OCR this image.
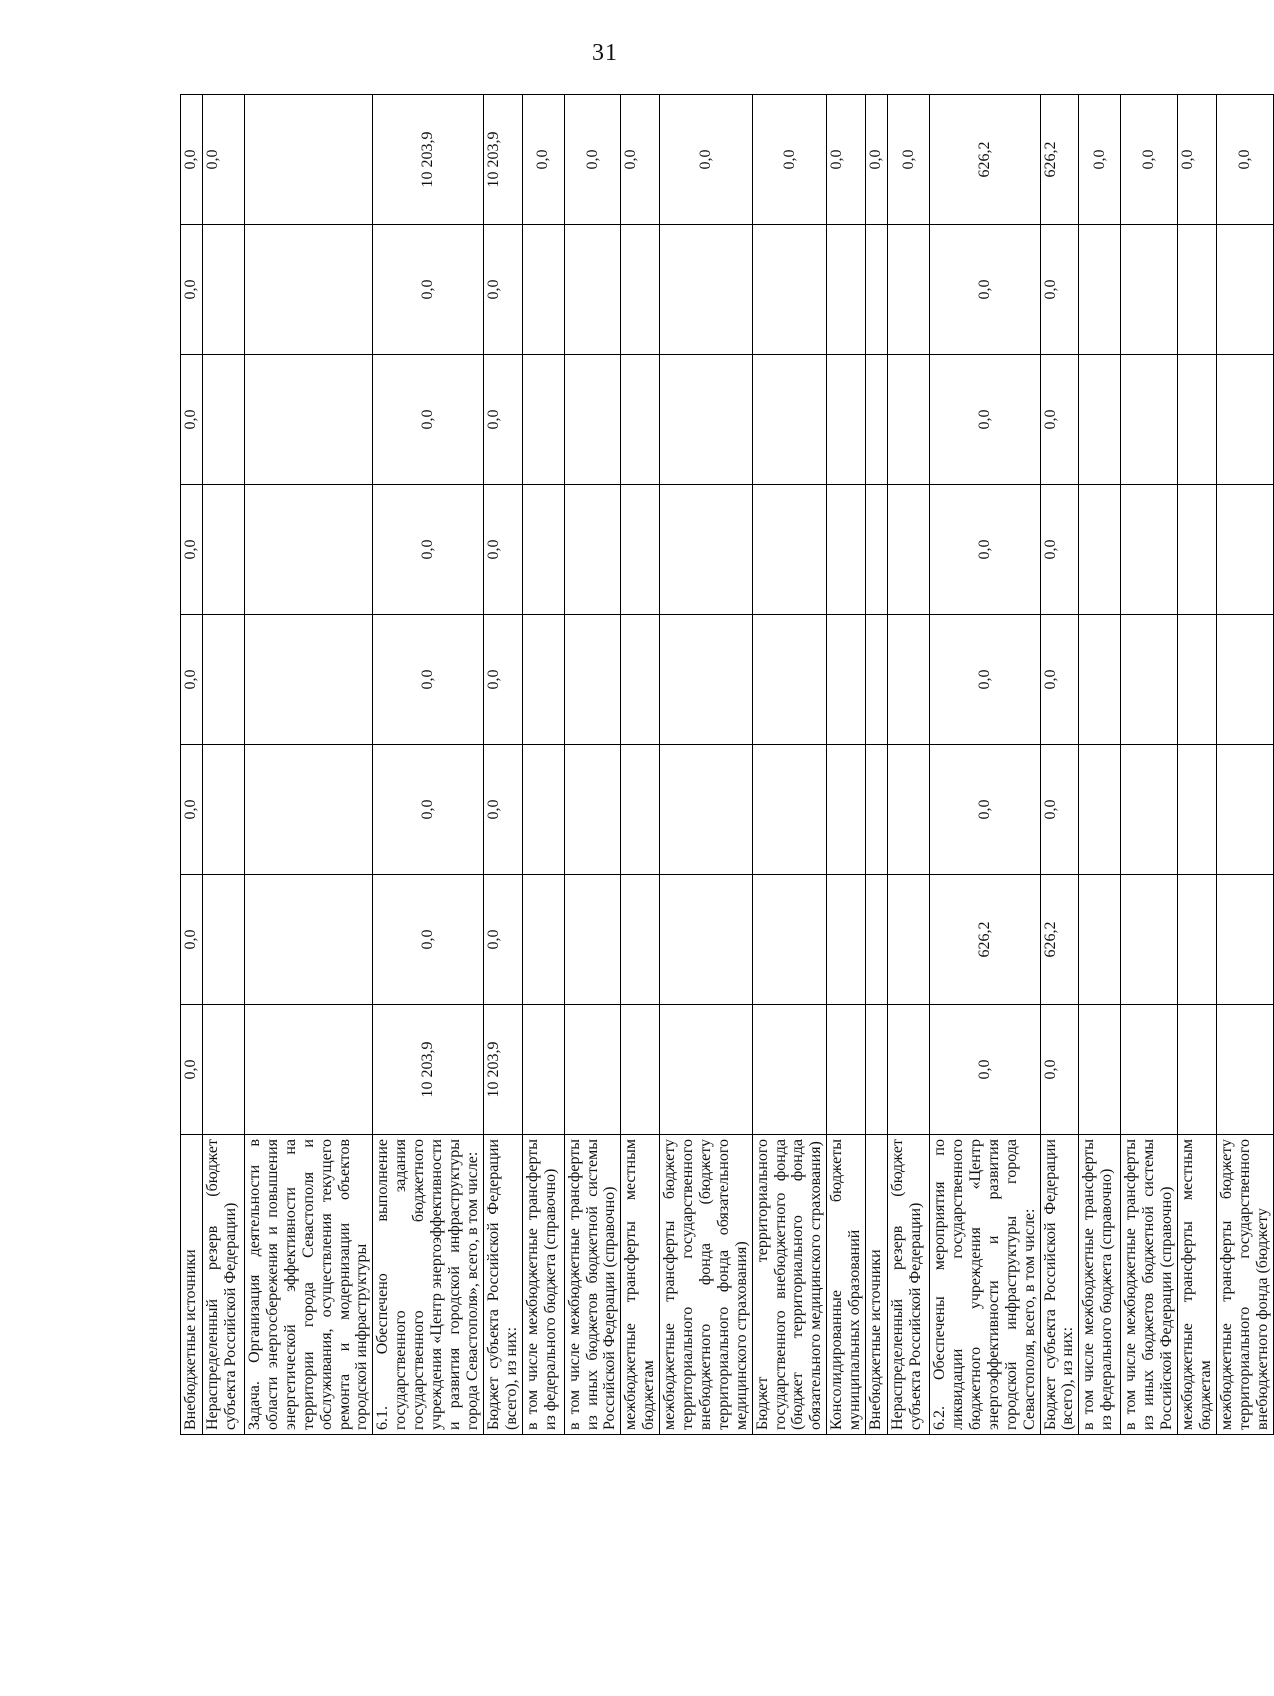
31
Внебюджетные источники	0,0	0,0	0,0	0,0	0,0	0,0	0,0	0,0
Нераспределенный резерв (бюджет субъекта Российской Федерации)								0,0
Задача. Организация деятельности в области энергосбережения и повышения энергетической эффективности на территории города Севастополя и обслуживания, осуществления текущего ремонта и модернизации объектов городской инфраструктуры								
6.1. Обеспечено выполнение государственного задания государственного бюджетного учреждения «Центр энергоэффективности и развития городской инфраструктуры города Севастополя», всего, в том числе:	10 203,9	0,0	0,0	0,0	0,0	0,0	0,0	10 203,9
Бюджет субъекта Российской Федерации (всего), из них:	10 203,9	0,0	0,0	0,0	0,0	0,0	0,0	10 203,9
в том числе межбюджетные трансферты из федерального бюджета (справочно)								0,0
в том числе межбюджетные трансферты из иных бюджетов бюджетной системы Российской Федерации (справочно)								0,0
межбюджетные трансферты местным бюджетам								0,0
межбюджетные трансферты бюджету территориального государственного внебюджетного фонда (бюджету территориального фонда обязательного медицинского страхования)								0,0
Бюджет территориального государственного внебюджетного фонда (бюджет территориального фонда обязательного медицинского страхования)								0,0
Консолидированные бюджеты муниципальных образований								0,0
Внебюджетные источники								0,0
Нераспределенный резерв (бюджет субъекта Российской Федерации)								0,0
6.2. Обеспечены мероприятия по ликвидации государственного бюджетного учреждения «Центр энергоэффективности и развития городской инфраструктуры города Севастополя, всего, в том числе:	0,0	626,2	0,0	0,0	0,0	0,0	0,0	626,2
Бюджет субъекта Российской Федерации (всего), из них:	0,0	626,2	0,0	0,0	0,0	0,0	0,0	626,2
в том числе межбюджетные трансферты из федерального бюджета (справочно)								0,0
в том числе межбюджетные трансферты из иных бюджетов бюджетной системы Российской Федерации (справочно)								0,0
межбюджетные трансферты местным бюджетам								0,0
межбюджетные трансферты бюджету территориального государственного внебюджетного фонда (бюджету								0,0
